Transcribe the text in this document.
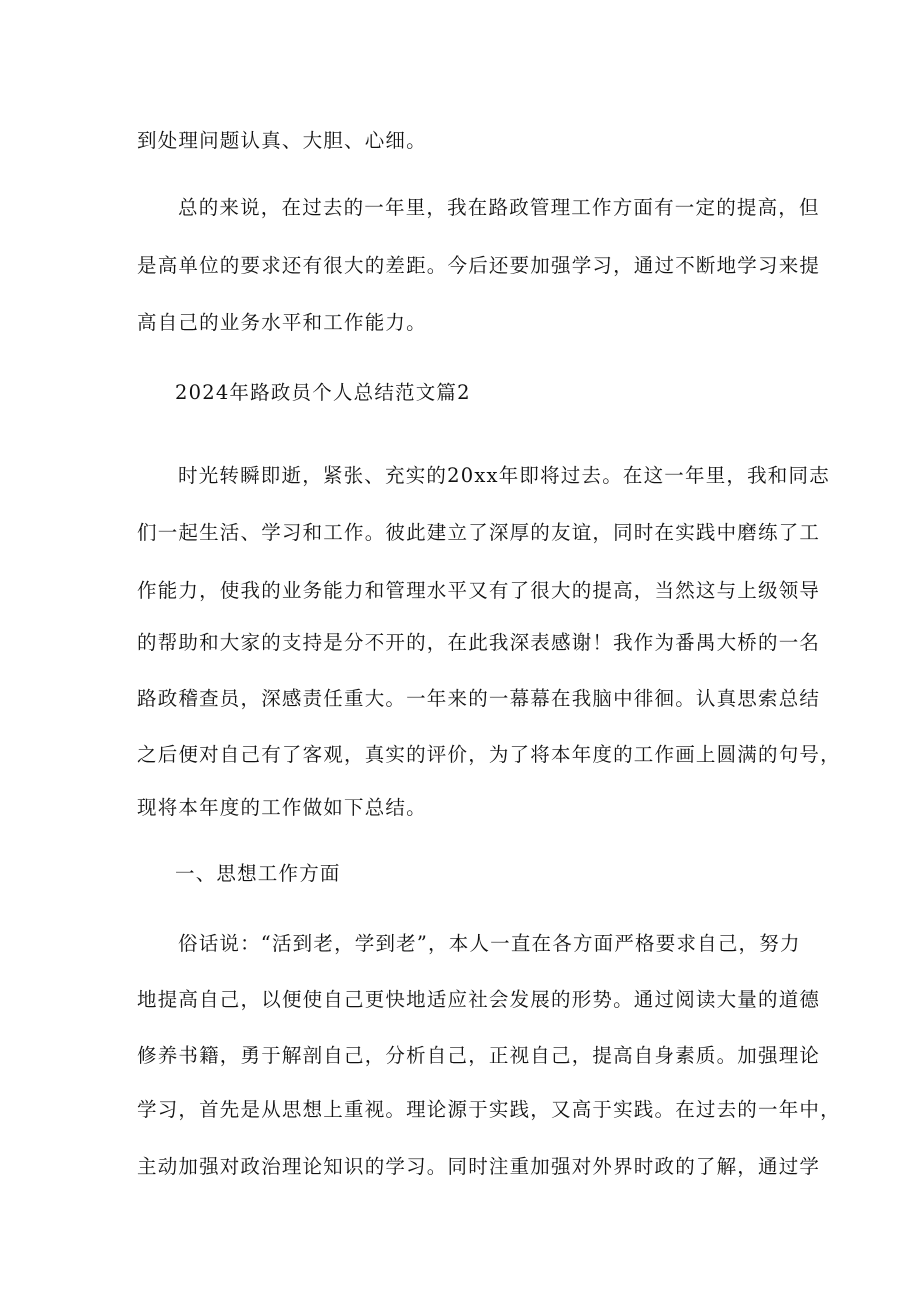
到处理问题认真、大胆、心细。
总的来说，在过去的一年里，我在路政管理工作方面有一定的提高，但
是高单位的要求还有很大的差距。今后还要加强学习，通过不断地学习来提
高自己的业务水平和工作能力。
2024年路政员个人总结范文篇2
时光转瞬即逝，紧张、充实的20xx年即将过去。在这一年里，我和同志
们一起生活、学习和工作。彼此建立了深厚的友谊，同时在实践中磨练了工
作能力，使我的业务能力和管理水平又有了很大的提高，当然这与上级领导
的帮助和大家的支持是分不开的，在此我深表感谢！我作为番禺大桥的一名
路政稽查员，深感责任重大。一年来的一幕幕在我脑中徘徊。认真思索总结
之后便对自己有了客观，真实的评价，为了将本年度的工作画上圆满的句号，
现将本年度的工作做如下总结。
一、思想工作方面
俗话说：“活到老，学到老”，本人一直在各方面严格要求自己，努力
地提高自己，以便使自己更快地适应社会发展的形势。通过阅读大量的道德
修养书籍，勇于解剖自己，分析自己，正视自己，提高自身素质。加强理论
学习，首先是从思想上重视。理论源于实践，又高于实践。在过去的一年中，
主动加强对政治理论知识的学习。同时注重加强对外界时政的了解，通过学
